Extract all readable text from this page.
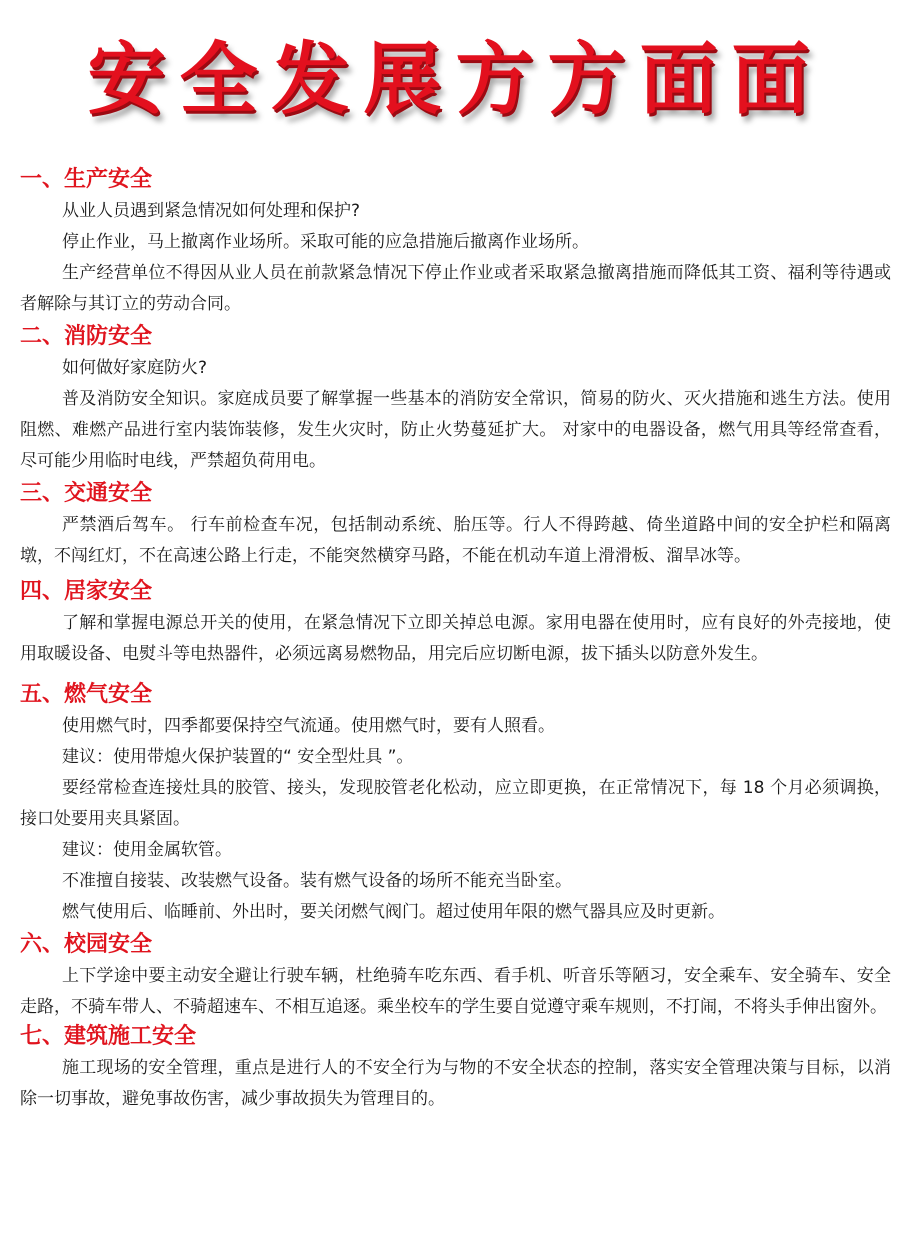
安全发展方方面面
一、生产安全

从业人员遇到紧急情况如何处理和保护?

停止作业，马上撤离作业场所。采取可能的应急措施后撤离作业场所。

生产经营单位不得因从业人员在前款紧急情况下停止作业或者采取紧急撤离措施而降低其工资、福利等待遇或者解除与其订立的劳动合同。

二、消防安全

如何做好家庭防火?

普及消防安全知识。家庭成员要了解掌握一些基本的消防安全常识，简易的防火、灭火措施和逃生方法。使用阻燃、难燃产品进行室内装饰装修，发生火灾时，防止火势蔓延扩大。 对家中的电器设备，燃气用具等经常查看，尽可能少用临时电线，严禁超负荷用电。

三、交通安全

严禁酒后驾车。 行车前检查车况，包括制动系统、胎压等。行人不得跨越、倚坐道路中间的安全护栏和隔离墩，不闯红灯，不在高速公路上行走，不能突然横穿马路，不能在机动车道上滑滑板、溜旱冰等。

四、居家安全

了解和掌握电源总开关的使用，在紧急情况下立即关掉总电源。家用电器在使用时，应有良好的外壳接地，使用取暖设备、电熨斗等电热器件，必须远离易燃物品，用完后应切断电源，拔下插头以防意外发生。

五、燃气安全

使用燃气时，四季都要保持空气流通。使用燃气时，要有人照看。

建议：使用带熄火保护装置的“ 安全型灶具 ”。

要经常检查连接灶具的胶管、接头，发现胶管老化松动，应立即更换，在正常情况下，每 18 个月必须调换，接口处要用夹具紧固。

建议：使用金属软管。

不准擅自接装、改装燃气设备。装有燃气设备的场所不能充当卧室。

燃气使用后、临睡前、外出时，要关闭燃气阀门。超过使用年限的燃气器具应及时更新。

六、校园安全

上下学途中要主动安全避让行驶车辆，杜绝骑车吃东西、看手机、听音乐等陋习，安全乘车、安全骑车、安全走路，不骑车带人、不骑超速车、不相互追逐。乘坐校车的学生要自觉遵守乘车规则，不打闹，不将头手伸出窗外。

七、建筑施工安全

施工现场的安全管理，重点是进行人的不安全行为与物的不安全状态的控制，落实安全管理决策与目标，以消除一切事故，避免事故伤害，减少事故损失为管理目的。
